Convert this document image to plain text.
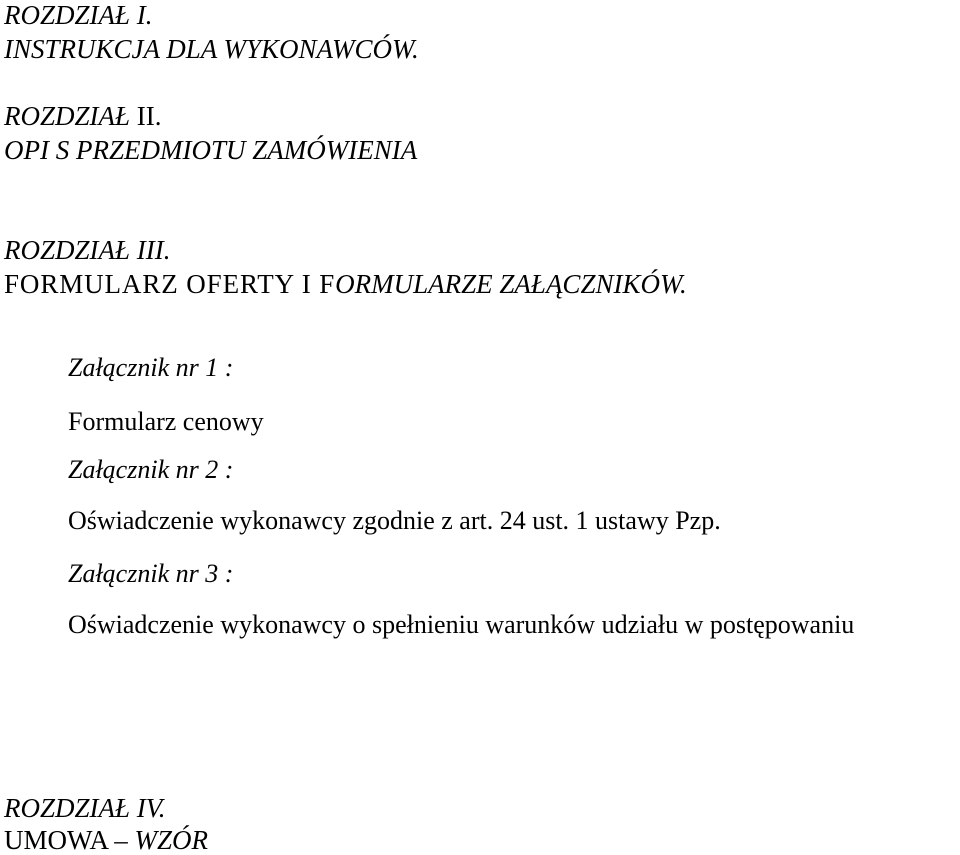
ROZDZIAŁ I.
INSTRUKCJA DLA WYKONAWCÓW.
ROZDZIAŁ II.
OPI S PRZEDMIOTU ZAMÓWIENIA
ROZDZIAŁ III.
FORMULARZ OFERTY I FORMULARZE ZAŁĄCZNIKÓW.
Załącznik nr 1 :
Formularz cenowy
Załącznik nr 2 :
Oświadczenie wykonawcy zgodnie z art. 24 ust. 1 ustawy Pzp.
Załącznik nr 3 :
Oświadczenie wykonawcy o spełnieniu warunków udziału w postępowaniu
ROZDZIAŁ IV.
UMOWA – WZÓR
